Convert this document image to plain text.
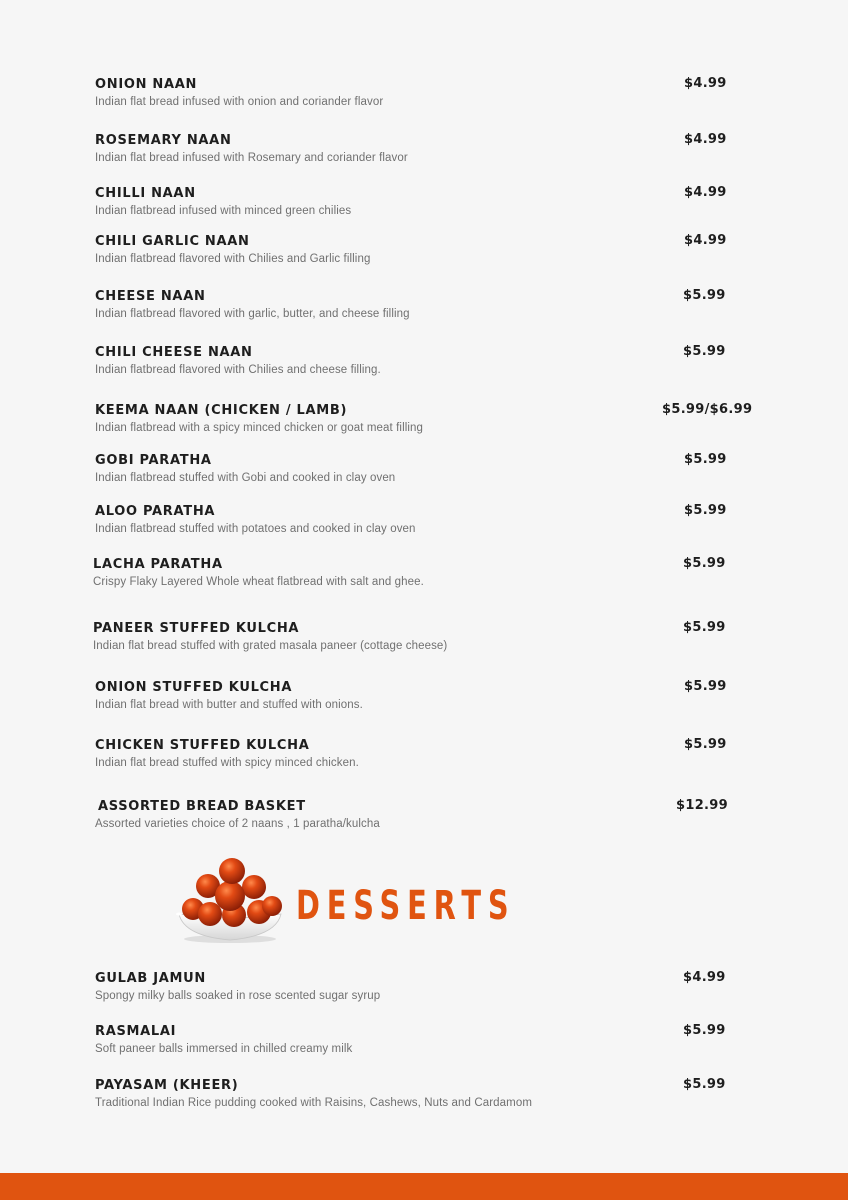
ONION NAAN
Indian flat bread infused with onion and coriander flavor
$4.99
ROSEMARY NAAN
Indian flat bread infused with Rosemary and coriander flavor
$4.99
CHILLI NAAN
Indian flatbread infused with minced green chilies
$4.99
CHILI GARLIC NAAN
Indian flatbread flavored with Chilies and Garlic filling
$4.99
CHEESE NAAN
Indian flatbread flavored with garlic, butter, and cheese filling
$5.99
CHILI CHEESE NAAN
Indian flatbread flavored with Chilies and cheese filling.
$5.99
KEEMA NAAN (CHICKEN / LAMB)
Indian flatbread with a spicy minced chicken or goat meat filling
$5.99/$6.99
GOBI PARATHA
Indian flatbread stuffed with Gobi and cooked in clay oven
$5.99
ALOO PARATHA
Indian flatbread stuffed with potatoes and cooked in clay oven
$5.99
LACHA PARATHA
Crispy Flaky Layered Whole wheat flatbread with salt and ghee.
$5.99
PANEER STUFFED KULCHA
Indian flat bread stuffed with grated masala paneer (cottage cheese)
$5.99
ONION STUFFED KULCHA
Indian flat bread with butter and stuffed with onions.
$5.99
CHICKEN STUFFED KULCHA
Indian flat bread stuffed with spicy minced chicken.
$5.99
ASSORTED BREAD BASKET
Assorted varieties choice of 2 naans , 1 paratha/kulcha
$12.99
DESSERTS
GULAB JAMUN
Spongy milky balls soaked in rose scented sugar syrup
$4.99
RASMALAI
Soft paneer balls immersed in chilled creamy milk
$5.99
PAYASAM (KHEER)
Traditional Indian Rice pudding cooked with Raisins, Cashews, Nuts and Cardamom
$5.99
